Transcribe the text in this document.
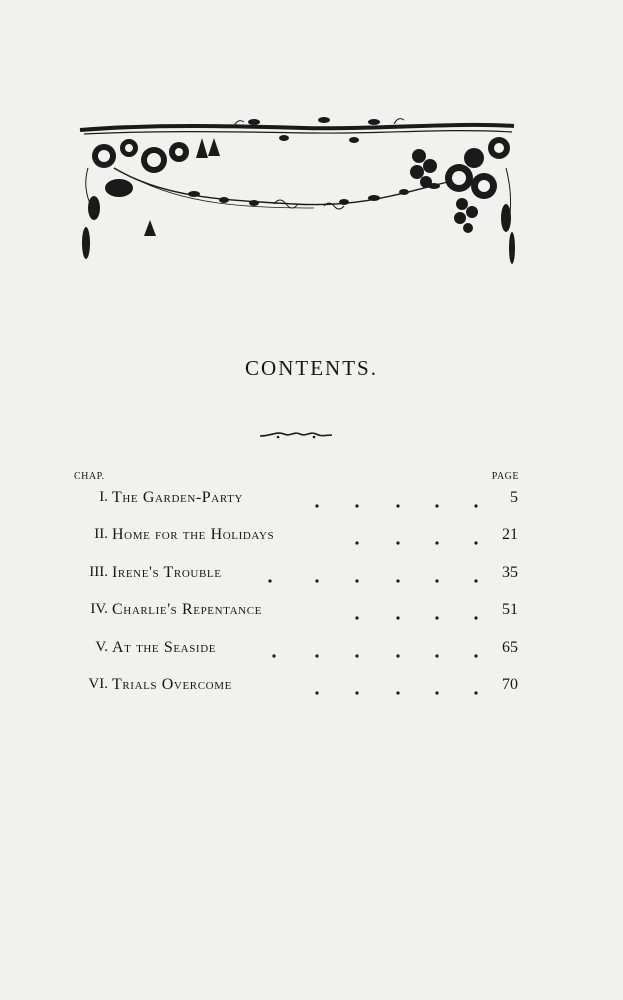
CONTENTS.
CHAP.	PAGE
I. The Garden-Party	5
II. Home for the Holidays	21
III. Irene's Trouble	35
IV. Charlie's Repentance	51
V. At the Seaside	65
VI. Trials Overcome	70
